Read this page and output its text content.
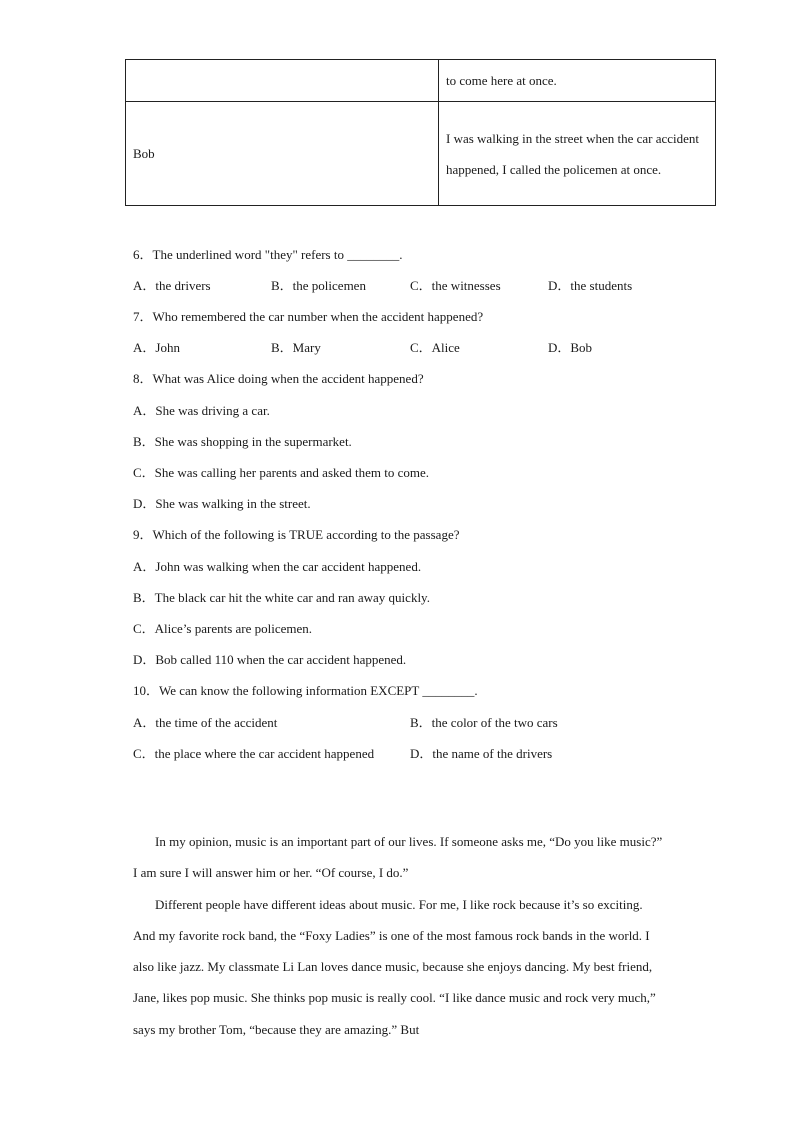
	to come here at once.
Bob	I was walking in the street when the car accident happened, I called the policemen at once.
6．The underlined word "they" refers to ________.
A．the drivers	B．the policemen	C．the witnesses	D．the students
7．Who remembered the car number when the accident happened?
A．John	B．Mary	C．Alice	D．Bob
8．What was Alice doing when the accident happened?
A．She was driving a car.
B．She was shopping in the supermarket.
C．She was calling her parents and asked them to come.
D．She was walking in the street.
9．Which of the following is TRUE according to the passage?
A．John was walking when the car accident happened.
B．The black car hit the white car and ran away quickly.
C．Alice’s parents are policemen.
D．Bob called 110 when the car accident happened.
10．We can know the following information EXCEPT ________.
A．the time of the accident	B．the color of the two cars
C．the place where the car accident happened	D．the name of the drivers

In my opinion, music is an important part of our lives. If someone asks me, “Do you like music?” I am sure I will answer him or her. “Of course, I do.”

Different people have different ideas about music. For me, I like rock because it’s so exciting. And my favorite rock band, the “Foxy Ladies” is one of the most famous rock bands in the world. I also like jazz. My classmate Li Lan loves dance music, because she enjoys dancing. My best friend, Jane, likes pop music. She thinks pop music is really cool. “I like dance music and rock very much,” says my brother Tom, “because they are amazing.” But
